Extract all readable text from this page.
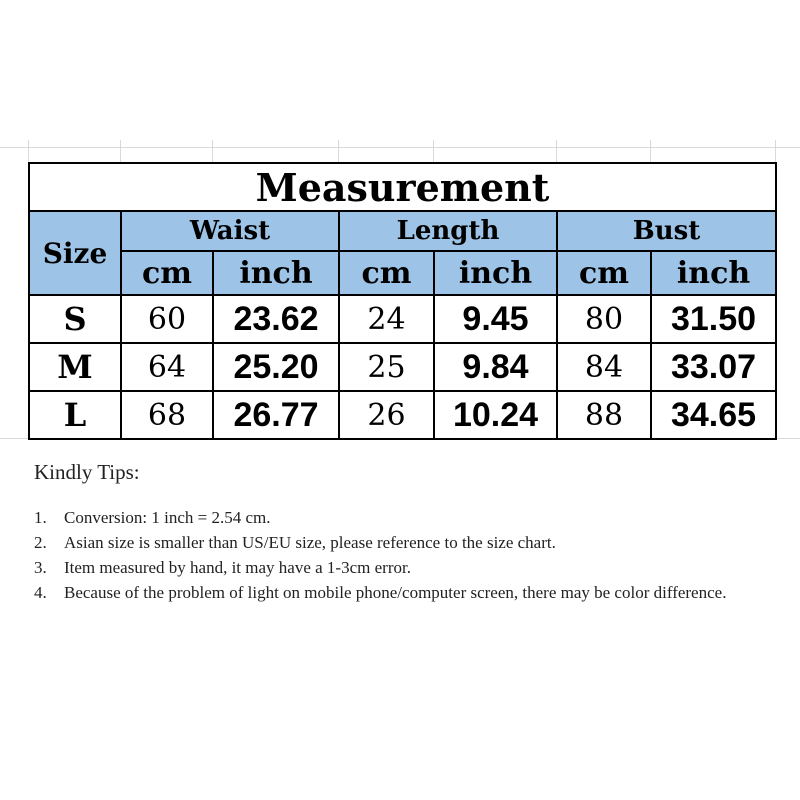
Measurement						
Size	Waist		Length		Bust	
	cm	inch	cm	inch	cm	inch
S	60	23.62	24	9.45	80	31.50
M	64	25.20	25	9.84	84	33.07
L	68	26.77	26	10.24	88	34.65

Kindly Tips:

1. Conversion: 1 inch = 2.54 cm.
2. Asian size is smaller than US/EU size, please reference to the size chart.
3. Item measured by hand, it may have a 1-3cm error.
4. Because of the problem of light on mobile phone/computer screen, there may be color difference.
